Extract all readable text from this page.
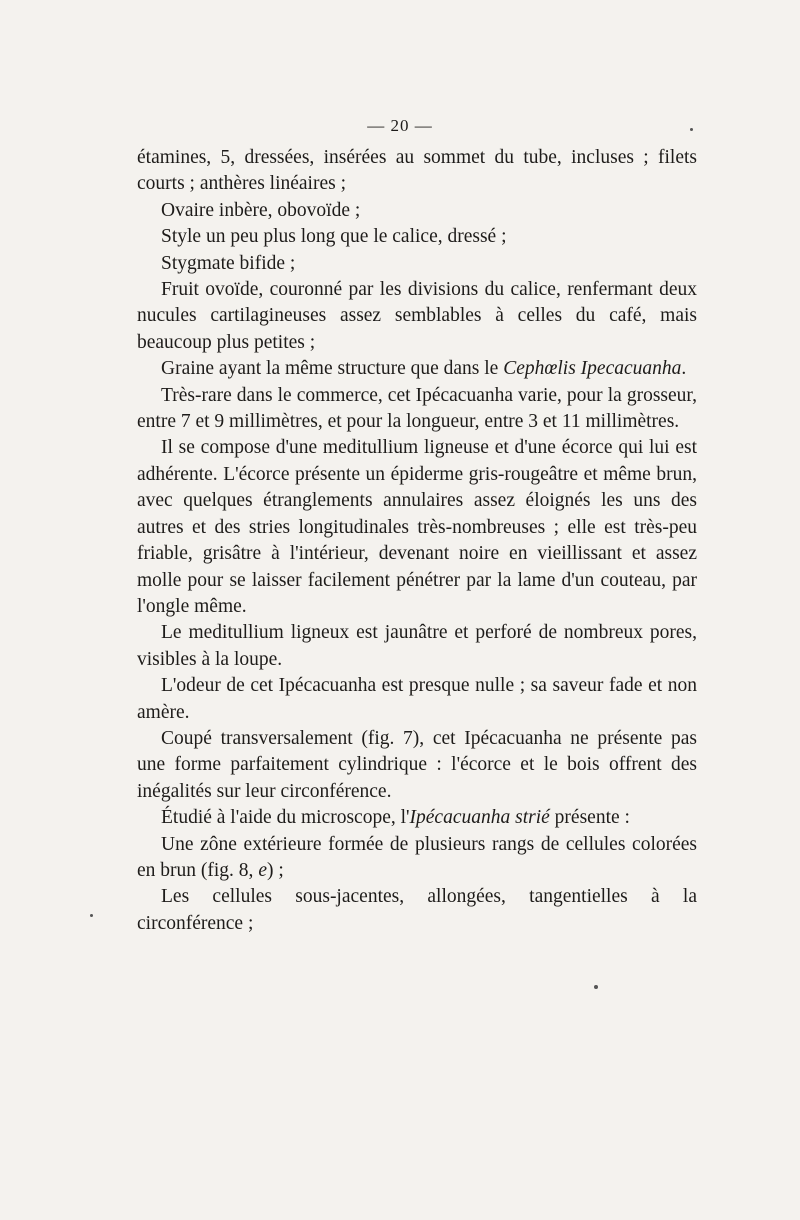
— 20 —

étamines, 5, dressées, insérées au sommet du tube, incluses ; filets courts ; anthères linéaires ;

Ovaire inbère, obovoïde ;

Style un peu plus long que le calice, dressé ;

Stygmate bifide ;

Fruit ovoïde, couronné par les divisions du calice, renfermant deux nucules cartilagineuses assez semblables à celles du café, mais beaucoup plus petites ;

Graine ayant la même structure que dans le Cephœlis Ipecacuanha.

Très-rare dans le commerce, cet Ipécacuanha varie, pour la grosseur, entre 7 et 9 millimètres, et pour la longueur, entre 3 et 11 millimètres.

Il se compose d'une meditullium ligneuse et d'une écorce qui lui est adhérente. L'écorce présente un épiderme gris-rougeâtre et même brun, avec quelques étranglements annulaires assez éloignés les uns des autres et des stries longitudinales très-nombreuses ; elle est très-peu friable, grisâtre à l'intérieur, devenant noire en vieillissant et assez molle pour se laisser facilement pénétrer par la lame d'un couteau, par l'ongle même.

Le meditullium ligneux est jaunâtre et perforé de nombreux pores, visibles à la loupe.

L'odeur de cet Ipécacuanha est presque nulle ; sa saveur fade et non amère.

Coupé transversalement (fig. 7), cet Ipécacuanha ne présente pas une forme parfaitement cylindrique : l'écorce et le bois offrent des inégalités sur leur circonférence.

Étudié à l'aide du microscope, l'Ipécacuanha strié présente :

Une zône extérieure formée de plusieurs rangs de cellules colorées en brun (fig. 8, e) ;

Les cellules sous-jacentes, allongées, tangentielles à la circonférence ;
